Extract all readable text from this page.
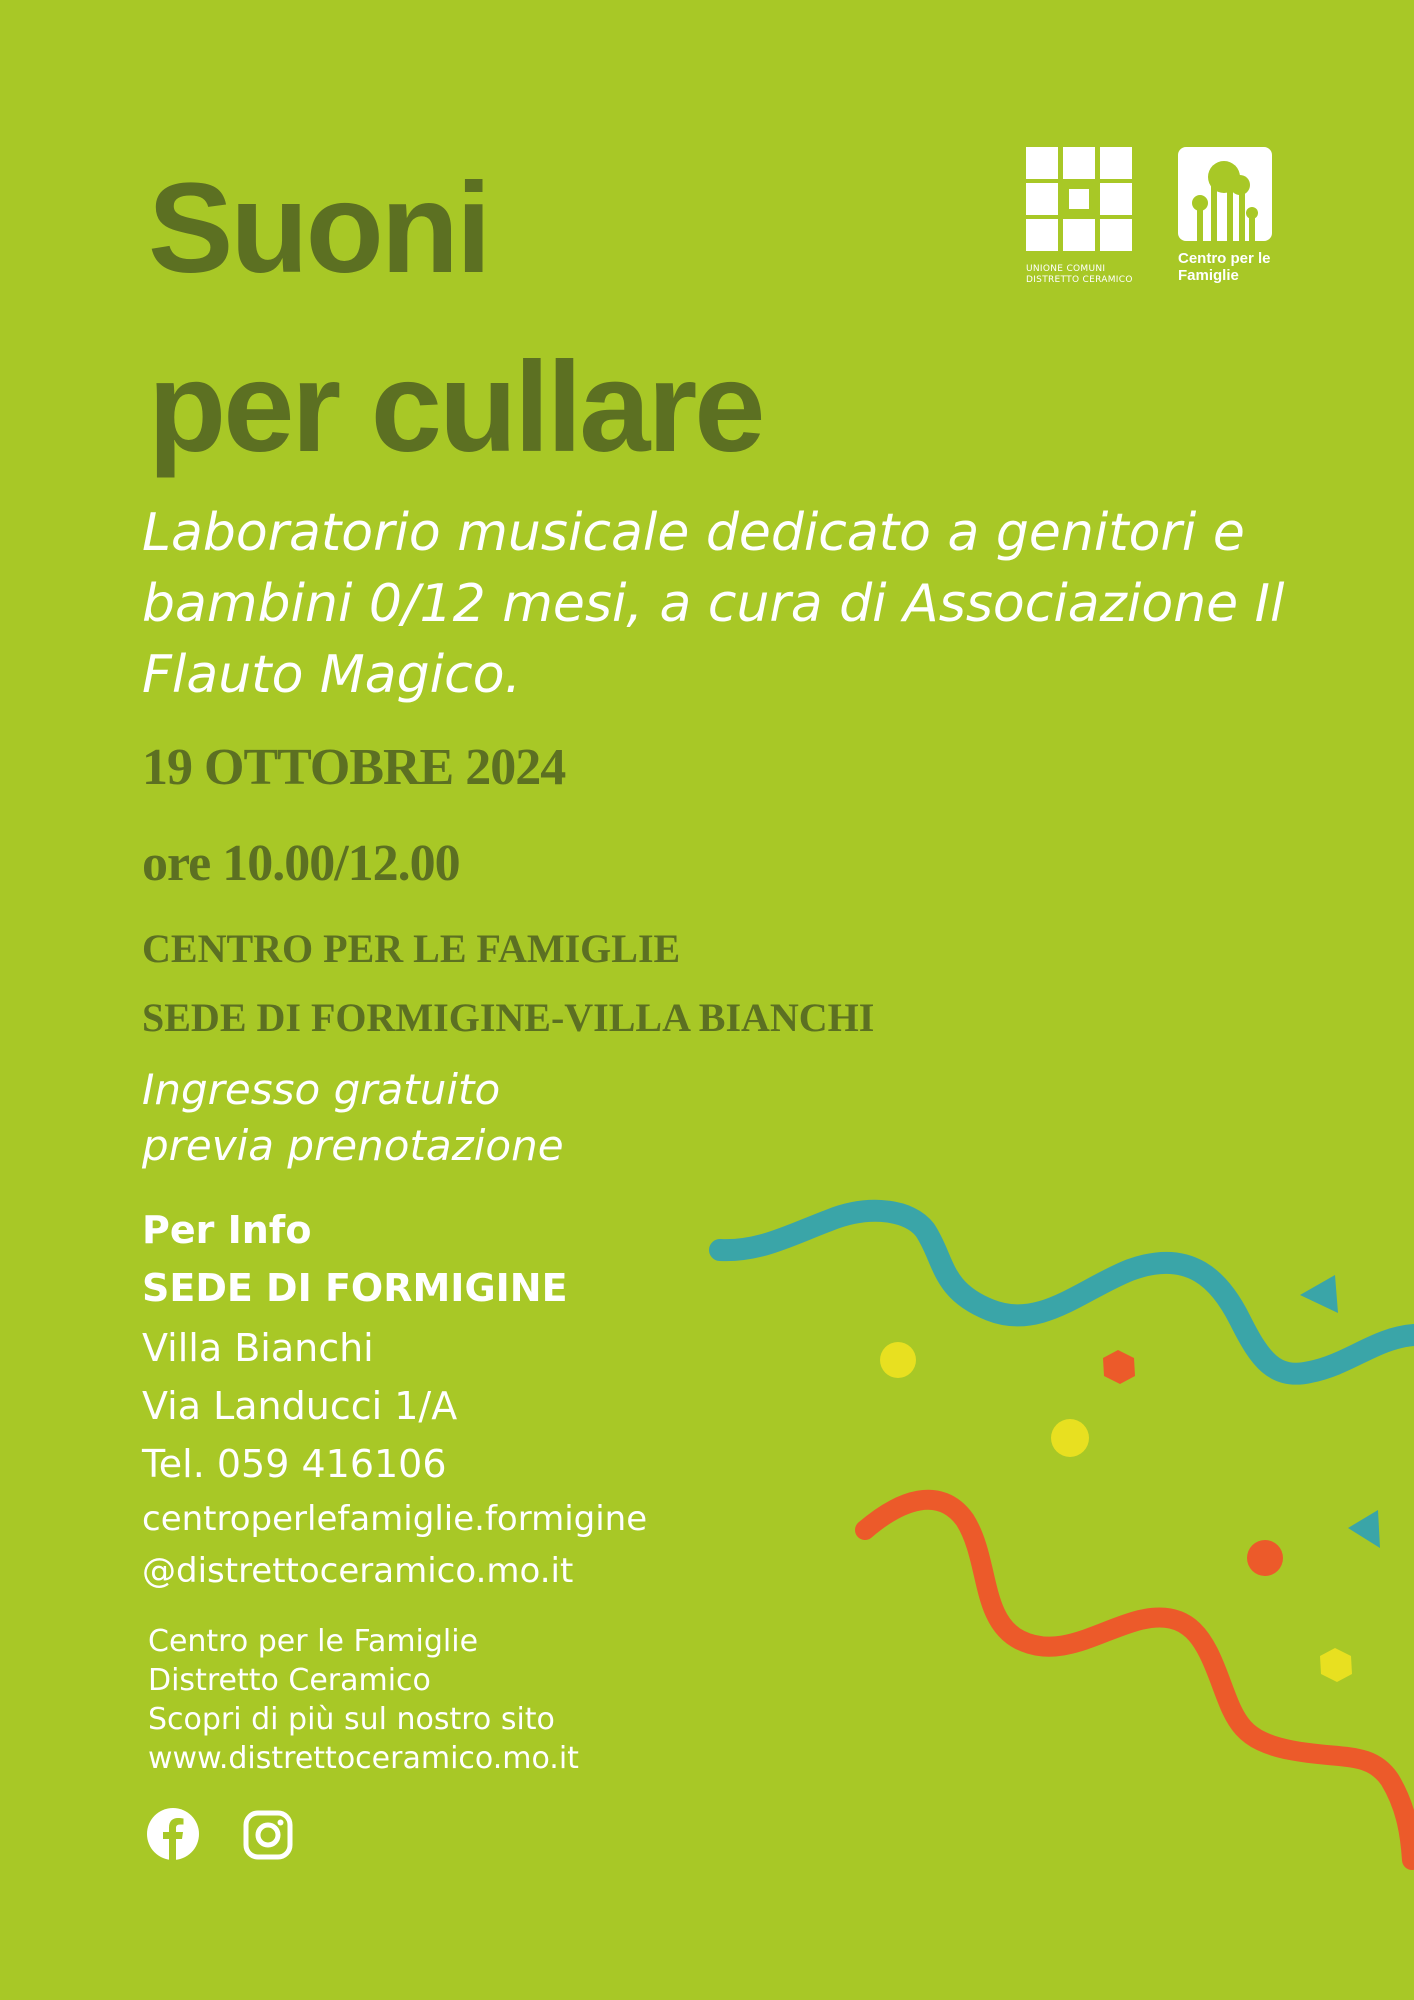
UNIONE COMUNI
DISTRETTO CERAMICO
Centro per le
Famiglie
Suoni
per cullare
Laboratorio musicale dedicato a genitori e bambini 0/12 mesi, a cura di Associazione Il Flauto Magico.
19 OTTOBRE 2024
ore 10.00/12.00
CENTRO PER LE FAMIGLIE
SEDE DI FORMIGINE-VILLA BIANCHI
Ingresso gratuito
previa prenotazione
Per Info
SEDE DI FORMIGINE
Villa Bianchi
Via Landucci 1/A
Tel. 059 416106
centroperlefamiglie.formigine
@distrettoceramico.mo.it
Centro per le Famiglie
Distretto Ceramico
Scopri di più sul nostro sito
www.distrettoceramico.mo.it
